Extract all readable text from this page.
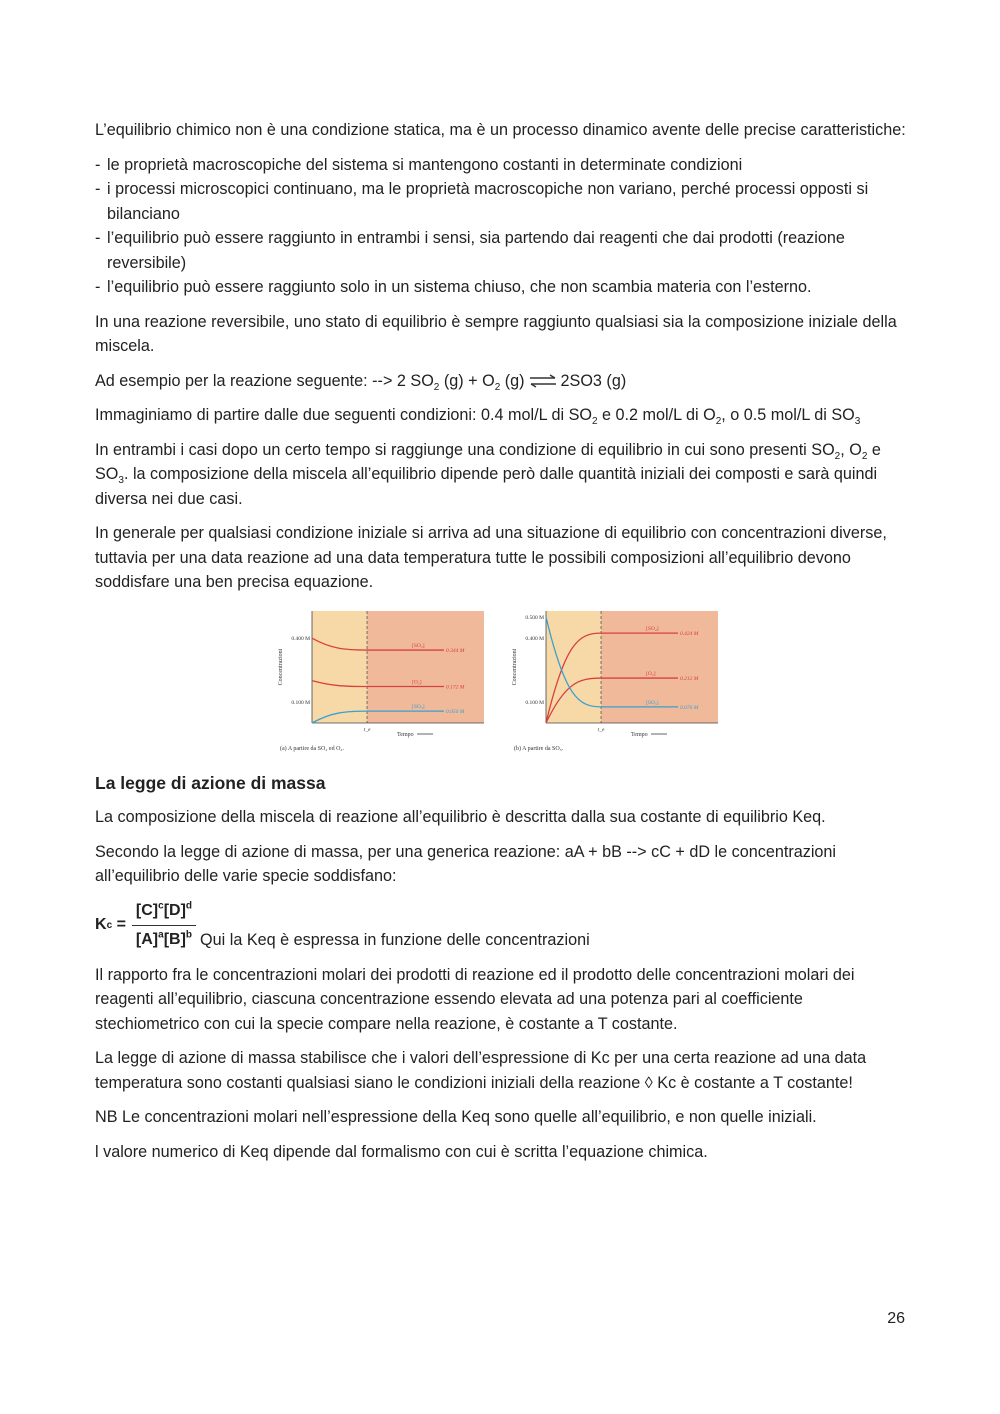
L’equilibrio chimico non è una condizione statica, ma è un processo dinamico avente delle precise caratteristiche:

- le proprietà macroscopiche del sistema si mantengono costanti in determinate condizioni
- i processi microscopici continuano, ma le proprietà macroscopiche non variano, perché processi opposti si bilanciano
- l’equilibrio può essere raggiunto in entrambi i sensi, sia partendo dai reagenti che dai prodotti (reazione reversibile)
- l’equilibrio può essere raggiunto solo in un sistema chiuso, che non scambia materia con l’esterno.

In una reazione reversibile, uno stato di equilibrio è sempre raggiunto qualsiasi sia la composizione iniziale della miscela.

Ad esempio per la reazione seguente: --> 2 $SO_2$ $(g) + O_2$ (g) ⇌ 2SO3 (g)

Immaginiamo di partire dalle due seguenti condizioni: 0.4 mol/L di $SO_2$ e 0.2 mol/L di $O_2$, o 0.5 mol/L di $SO_3$

In entrambi i casi dopo un certo tempo si raggiunge una condizione di equilibrio in cui sono presenti $SO_2$, $O_2$ e $SO_3$. la composizione della miscela all’equilibrio dipende però dalle quantità iniziali dei composti e sarà quindi diversa nei due casi.

In generale per qualsiasi condizione iniziale si arriva ad una situazione di equilibrio con concentrazioni diverse, tuttavia per una data reazione ad una data temperatura tutte le possibili composizioni all’equilibrio devono soddisfare una ben precisa equazione.

0.400 M
0.100 M
Concentrazioni
[SO₂]
0.344 M
[O₂]
0.172 M
[SO₃]
0.056 M
t_e
Tempo
(a) A partire da SO₂ ed O₂.
0.500 M
0.400 M
0.100 M
Concentrazioni
[SO₂]
0.424 M
[O₂]
0.212 M
[SO₃]
0.076 M
t_e
Tempo
(b) A partire da SO₃.
La legge di azione di massa

La composizione della miscela di reazione all’equilibrio è descritta dalla sua costante di equilibrio Keq.

Secondo la legge di azione di massa, per una generica reazione: aA + bB --> cC + dD le concentrazioni all’equilibrio delle varie specie soddisfano:

K c
= $\frac{[C]^c[D]^d}{[A]^a[B]^b}$ Qui la Keq è espressa in funzione delle concentrazioni

Il rapporto fra le concentrazioni molari dei prodotti di reazione ed il prodotto delle concentrazioni molari dei reagenti all’equilibrio, ciascuna concentrazione essendo elevata ad una potenza pari al coefficiente stechiometrico con cui la specie compare nella reazione, è costante a T costante.

La legge di azione di massa stabilisce che i valori dell’espressione di Kc per una certa reazione ad una data temperatura sono costanti qualsiasi siano le condizioni iniziali della reazione ◊ Kc è costante a T costante!

NB Le concentrazioni molari nell’espressione della Keq sono quelle all’equilibrio, e non quelle iniziali.

l valore numerico di Keq dipende dal formalismo con cui è scritta l’equazione chimica.

26
